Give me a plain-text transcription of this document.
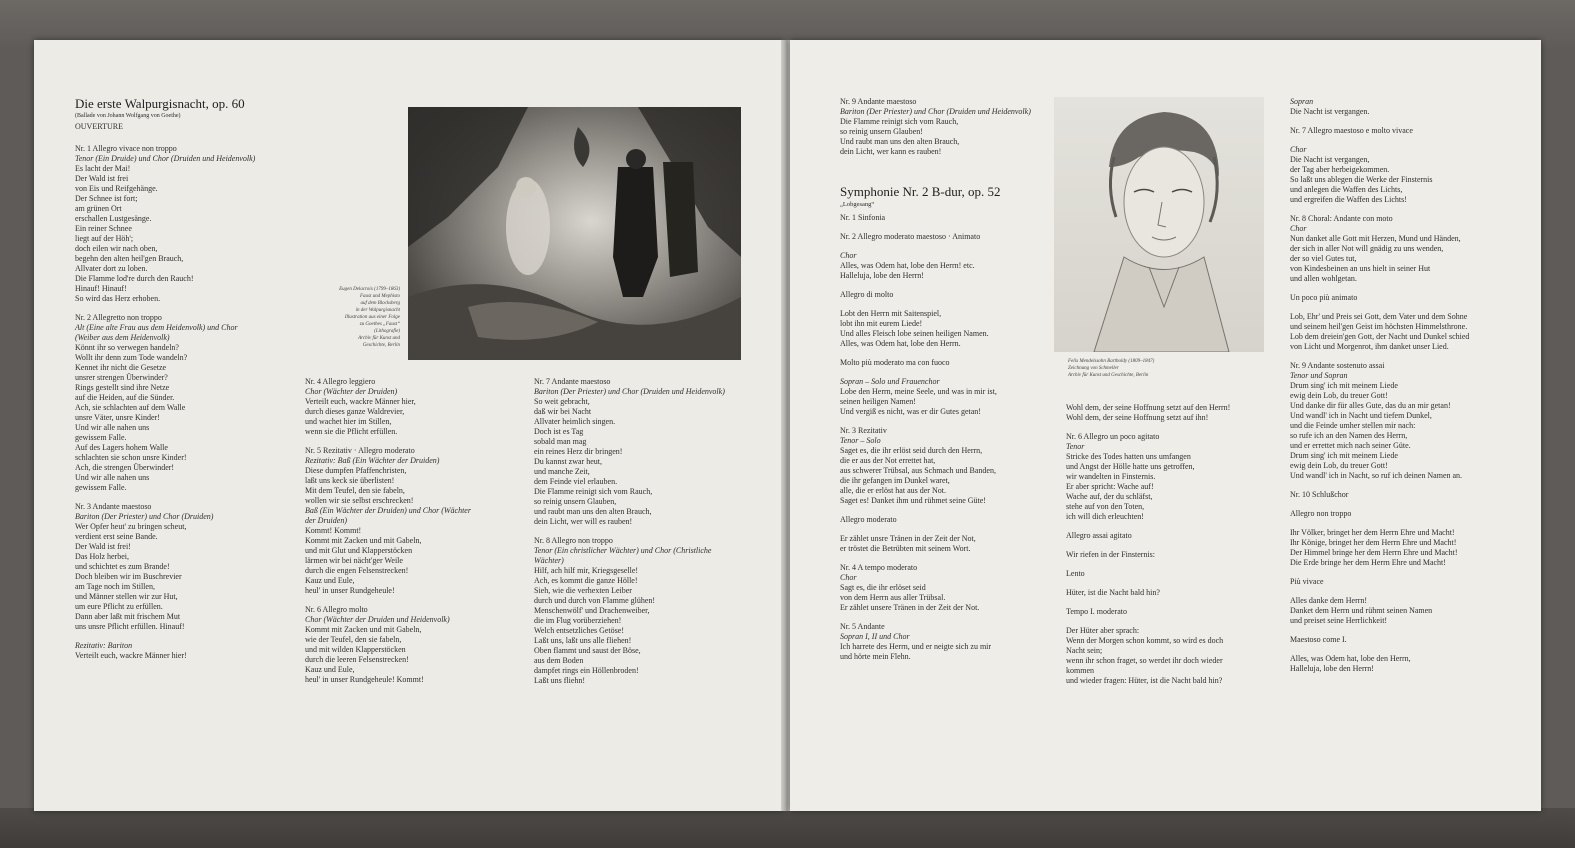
Die erste Walpurgisnacht, op. 60
(Ballade von Johann Wolfgang von Goethe)
OUVERTURE
Nr. 1 Allegro vivace non troppo
Tenor (Ein Druide) und Chor (Druiden und Heidenvolk)
Es lacht der Mai!
Der Wald ist frei
von Eis und Reifgehänge.
Der Schnee ist fort;
am grünen Ort
erschallen Lustgesänge.
Ein reiner Schnee
liegt auf der Höh';
doch eilen wir nach oben,
begehn den alten heil'gen Brauch,
Allvater dort zu loben.
Die Flamme lod're durch den Rauch!
Hinauf! Hinauf!
So wird das Herz erhoben.
Nr. 2 Allegretto non troppo
Alt (Eine alte Frau aus dem Heidenvolk) und Chor
(Weiber aus dem Heidenvolk)
Könnt ihr so verwegen handeln?
Wollt ihr denn zum Tode wandeln?
Kennet ihr nicht die Gesetze
unsrer strengen Überwinder?
Rings gestellt sind ihre Netze
auf die Heiden, auf die Sünder.
Ach, sie schlachten auf dem Walle
unsre Väter, unsre Kinder!
Und wir alle nahen uns
gewissem Falle.
Auf des Lagers hohem Walle
schlachten sie schon unsre Kinder!
Ach, die strengen Überwinder!
Und wir alle nahen uns
gewissem Falle.
Nr. 3 Andante maestoso
Bariton (Der Priester) und Chor (Druiden)
Wer Opfer heut' zu bringen scheut,
verdient erst seine Bande.
Der Wald ist frei!
Das Holz herbei,
und schichtet es zum Brande!
Doch bleiben wir im Buschrevier
am Tage noch im Stillen,
und Männer stellen wir zur Hut,
um eure Pflicht zu erfüllen.
Dann aber laßt mit frischem Mut
uns unsre Pflicht erfüllen. Hinauf!
Rezitativ: Bariton
Verteilt euch, wackre Männer hier!
Nr. 4 Allegro leggiero
Chor (Wächter der Druiden)
Verteilt euch, wackre Männer hier,
durch dieses ganze Waldrevier,
und wachet hier im Stillen,
wenn sie die Pflicht erfüllen.
Nr. 5 Rezitativ · Allegro moderato
Rezitativ: Baß (Ein Wächter der Druiden)
Diese dumpfen Pfaffenchristen,
laßt uns keck sie überlisten!
Mit dem Teufel, den sie fabeln,
wollen wir sie selbst erschrecken!
Baß (Ein Wächter der Druiden) und Chor (Wächter
der Druiden)
Kommt! Kommt!
Kommt mit Zacken und mit Gabeln,
und mit Glut und Klapperstöcken
lärmen wir bei nächt'ger Weile
durch die engen Felsenstrecken!
Kauz und Eule,
heul' in unser Rundgeheule!
Nr. 6 Allegro molto
Chor (Wächter der Druiden und Heidenvolk)
Kommt mit Zacken und mit Gabeln,
wie der Teufel, den sie fabeln,
und mit wilden Klapperstöcken
durch die leeren Felsenstrecken!
Kauz und Eule,
heul' in unser Rundgeheule! Kommt!
Nr. 7 Andante maestoso
Bariton (Der Priester) und Chor (Druiden und Heidenvolk)
So weit gebracht,
daß wir bei Nacht
Allvater heimlich singen.
Doch ist es Tag
sobald man mag
ein reines Herz dir bringen!
Du kannst zwar heut,
und manche Zeit,
dem Feinde viel erlauben.
Die Flamme reinigt sich vom Rauch,
so reinig unsern Glauben,
und raubt man uns den alten Brauch,
dein Licht, wer will es rauben!
Nr. 8 Allegro non troppo
Tenor (Ein christlicher Wächter) und Chor (Christliche
Wächter)
Hilf, ach hilf mir, Kriegsgeselle!
Ach, es kommt die ganze Hölle!
Sieh, wie die verhexten Leiber
durch und durch von Flamme glühen!
Menschenwölf' und Drachenweiber,
die im Flug vorüberziehen!
Welch entsetzliches Getöse!
Laßt uns, laßt uns alle fliehen!
Oben flammt und saust der Böse,
aus dem Boden
dampfet rings ein Höllenbroden!
Laßt uns fliehn!
Eugen Delacroix (1799–1863)
Faust und Mephisto
auf dem Blocksberg
in der Walpurgisnacht
Illustration aus einer Folge
zu Goethes „Faust“
(Lithografie)
Archiv für Kunst und
Geschichte, Berlin
Nr. 9 Andante maestoso
Bariton (Der Priester) und Chor (Druiden und Heidenvolk)
Die Flamme reinigt sich vom Rauch,
so reinig unsern Glauben!
Und raubt man uns den alten Brauch,
dein Licht, wer kann es rauben!
Symphonie Nr. 2 B-dur, op. 52
„Lobgesang“
Nr. 1 Sinfonia
Nr. 2 Allegro moderato maestoso · Animato
Chor
Alles, was Odem hat, lobe den Herrn! etc.
Halleluja, lobe den Herrn!
Allegro di molto
Lobt den Herrn mit Saitenspiel,
lobt ihn mit eurem Liede!
Und alles Fleisch lobe seinen heiligen Namen.
Alles, was Odem hat, lobe den Herrn.
Molto più moderato ma con fuoco
Sopran – Solo und Frauenchor
Lobe den Herrn, meine Seele, und was in mir ist,
seinen heiligen Namen!
Und vergiß es nicht, was er dir Gutes getan!
Nr. 3 Rezitativ
Tenor – Solo
Saget es, die ihr erlöst seid durch den Herrn,
die er aus der Not errettet hat,
aus schwerer Trübsal, aus Schmach und Banden,
die ihr gefangen im Dunkel waret,
alle, die er erlöst hat aus der Not.
Saget es! Danket ihm und rühmet seine Güte!
Allegro moderato
Er zählet unsre Tränen in der Zeit der Not,
er tröstet die Betrübten mit seinem Wort.
Nr. 4 A tempo moderato
Chor
Sagt es, die ihr erlöset seid
von dem Herrn aus aller Trübsal.
Er zählet unsere Tränen in der Zeit der Not.
Nr. 5 Andante
Sopran I, II und Chor
Ich harrete des Herrn, und er neigte sich zu mir
und hörte mein Flehn.
Felix Mendelssohn Bartholdy (1809–1847)
Zeichnung von Schmeller
Archiv für Kunst und Geschichte, Berlin
Wohl dem, der seine Hoffnung setzt auf den Herrn!
Wohl dem, der seine Hoffnung setzt auf ihn!
Nr. 6 Allegro un poco agitato
Tenor
Stricke des Todes hatten uns umfangen
und Angst der Hölle hatte uns getroffen,
wir wandelten in Finsternis.
Er aber spricht: Wache auf!
Wache auf, der du schläfst,
stehe auf von den Toten,
ich will dich erleuchten!
Allegro assai agitato
Wir riefen in der Finsternis:
Lento
Hüter, ist die Nacht bald hin?
Tempo I. moderato
Der Hüter aber sprach:
Wenn der Morgen schon kommt, so wird es doch
Nacht sein;
wenn ihr schon fraget, so werdet ihr doch wieder
kommen
und wieder fragen: Hüter, ist die Nacht bald hin?
Sopran
Die Nacht ist vergangen.
Nr. 7 Allegro maestoso e molto vivace
Chor
Die Nacht ist vergangen,
der Tag aber herbeigekommen.
So laßt uns ablegen die Werke der Finsternis
und anlegen die Waffen des Lichts,
und ergreifen die Waffen des Lichts!
Nr. 8 Choral: Andante con moto
Chor
Nun danket alle Gott mit Herzen, Mund und Händen,
der sich in aller Not will gnädig zu uns wenden,
der so viel Gutes tut,
von Kindesbeinen an uns hielt in seiner Hut
und allen wohlgetan.
Un poco più animato
Lob, Ehr' und Preis sei Gott, dem Vater und dem Sohne
und seinem heil'gen Geist im höchsten Himmelsthrone.
Lob dem dreiein'gen Gott, der Nacht und Dunkel schied
von Licht und Morgenrot, ihm danket unser Lied.
Nr. 9 Andante sostenuto assai
Tenor und Sopran
Drum sing' ich mit meinem Liede
ewig dein Lob, du treuer Gott!
Und danke dir für alles Gute, das du an mir getan!
Und wandl' ich in Nacht und tiefem Dunkel,
und die Feinde umher stellen mir nach:
so rufe ich an den Namen des Herrn,
und er errettet mich nach seiner Güte.
Drum sing' ich mit meinem Liede
ewig dein Lob, du treuer Gott!
Und wandl' ich in Nacht, so ruf ich deinen Namen an.
Nr. 10 Schlußchor
Allegro non troppo
Ihr Völker, bringet her dem Herrn Ehre und Macht!
Ihr Könige, bringet her dem Herrn Ehre und Macht!
Der Himmel bringe her dem Herrn Ehre und Macht!
Die Erde bringe her dem Herrn Ehre und Macht!
Più vivace
Alles danke dem Herrn!
Danket dem Herrn und rühmt seinen Namen
und preiset seine Herrlichkeit!
Maestoso come I.
Alles, was Odem hat, lobe den Herrn,
Halleluja, lobe den Herrn!
